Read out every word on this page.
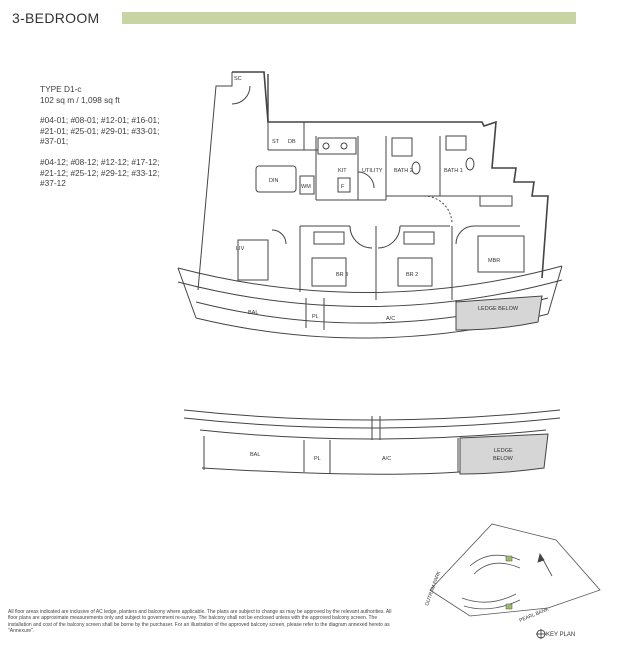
3-BEDROOM
TYPE D1-c
102 sq m / 1,098 sq ft
#04-01; #08-01; #12-01; #16-01;
#21-01; #25-01; #29-01; #33-01;
#37-01;
#04-12; #08-12; #12-12; #17-12;
#21-12; #25-12; #29-12; #33-12;
#37-12
SC
ST DB
DIN
WM
KIT	UTILITY
F
BATH 2	BATH 1
LIV
BR 3	BR 2
MBR
BAL
PL	A/C
LEDGE BELOW
BAL
PL	A/C
LEDGE
BELOW
OUTRAM PARK
PEARL BANK
KEY PLAN
All floor areas indicated are inclusive of AC ledge, planters and balcony where applicable. The plans are subject to change as may be approved by the relevant authorities. All floor plans are approximate measurements only and subject to government re-survey. The balcony shall not be enclosed unless with the approved balcony screen. The installation and cost of the balcony screen shall be borne by the purchaser. For an illustration of the approved balcony screen, please refer to the diagram annexed hereto as "Annexure".
